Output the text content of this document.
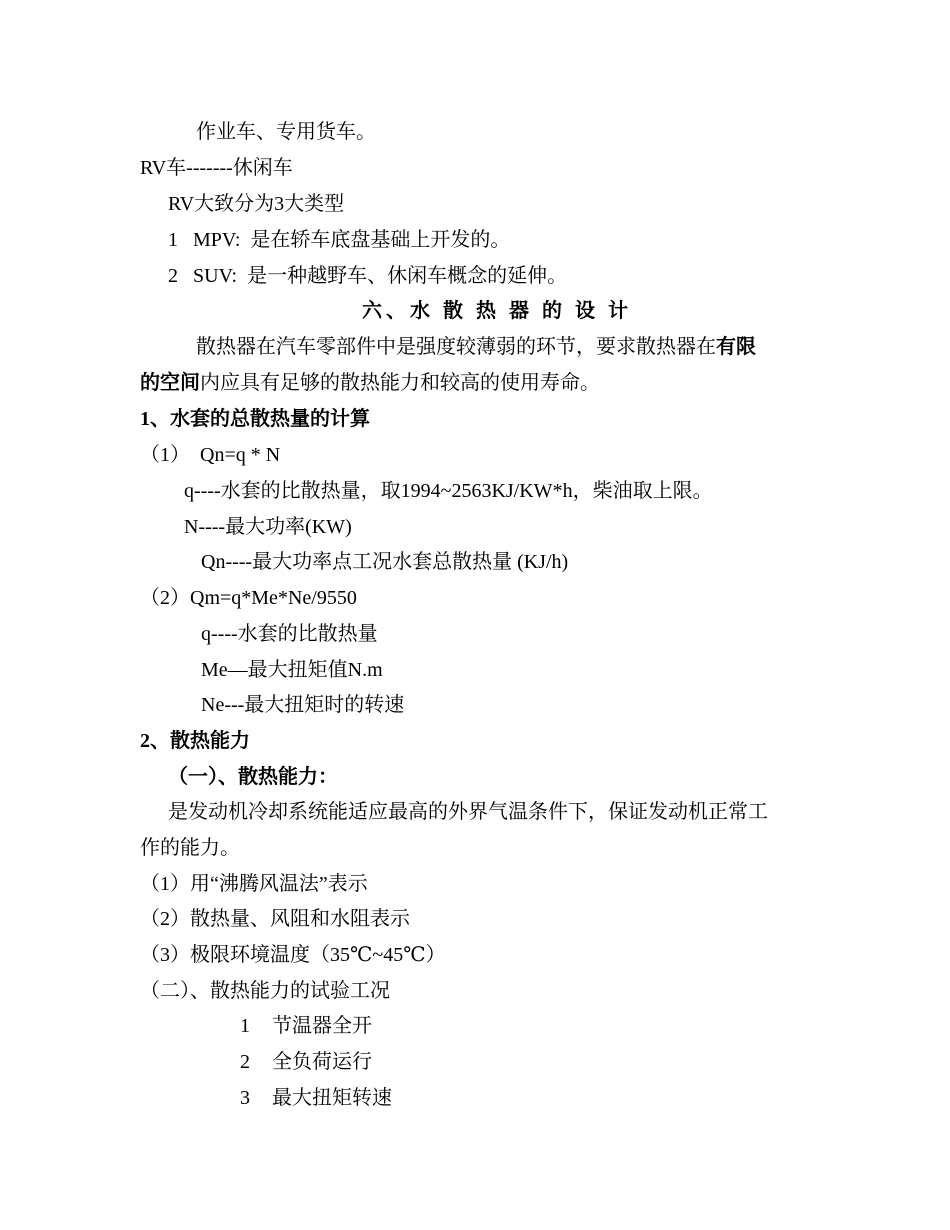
作业车、专用货车。
RV车-------休闲车
RV大致分为3大类型
1   MPV:  是在轿车底盘基础上开发的。
2   SUV:  是一种越野车、休闲车概念的延伸。
六、水 散 热 器 的 设 计
散热器在汽车零部件中是强度较薄弱的环节，要求散热器在有限
的空间内应具有足够的散热能力和较高的使用寿命。
1、水套的总散热量的计算
（1）  Qn=q * N
q----水套的比散热量，取1994~2563KJ/KW*h，柴油取上限。
N----最大功率(KW)
Qn----最大功率点工况水套总散热量 (KJ/h)
（2）Qm=q*Me*Ne/9550
q----水套的比散热量
Me—最大扭矩值N.m
Ne---最大扭矩时的转速
2、散热能力
（一）、散热能力：
是发动机冷却系统能适应最高的外界气温条件下，保证发动机正常工
作的能力。
（1）用“沸腾风温法”表示
（2）散热量、风阻和水阻表示
（3）极限环境温度（35℃~45℃）
（二）、散热能力的试验工况
1 节温器全开
2 全负荷运行
3 最大扭矩转速
